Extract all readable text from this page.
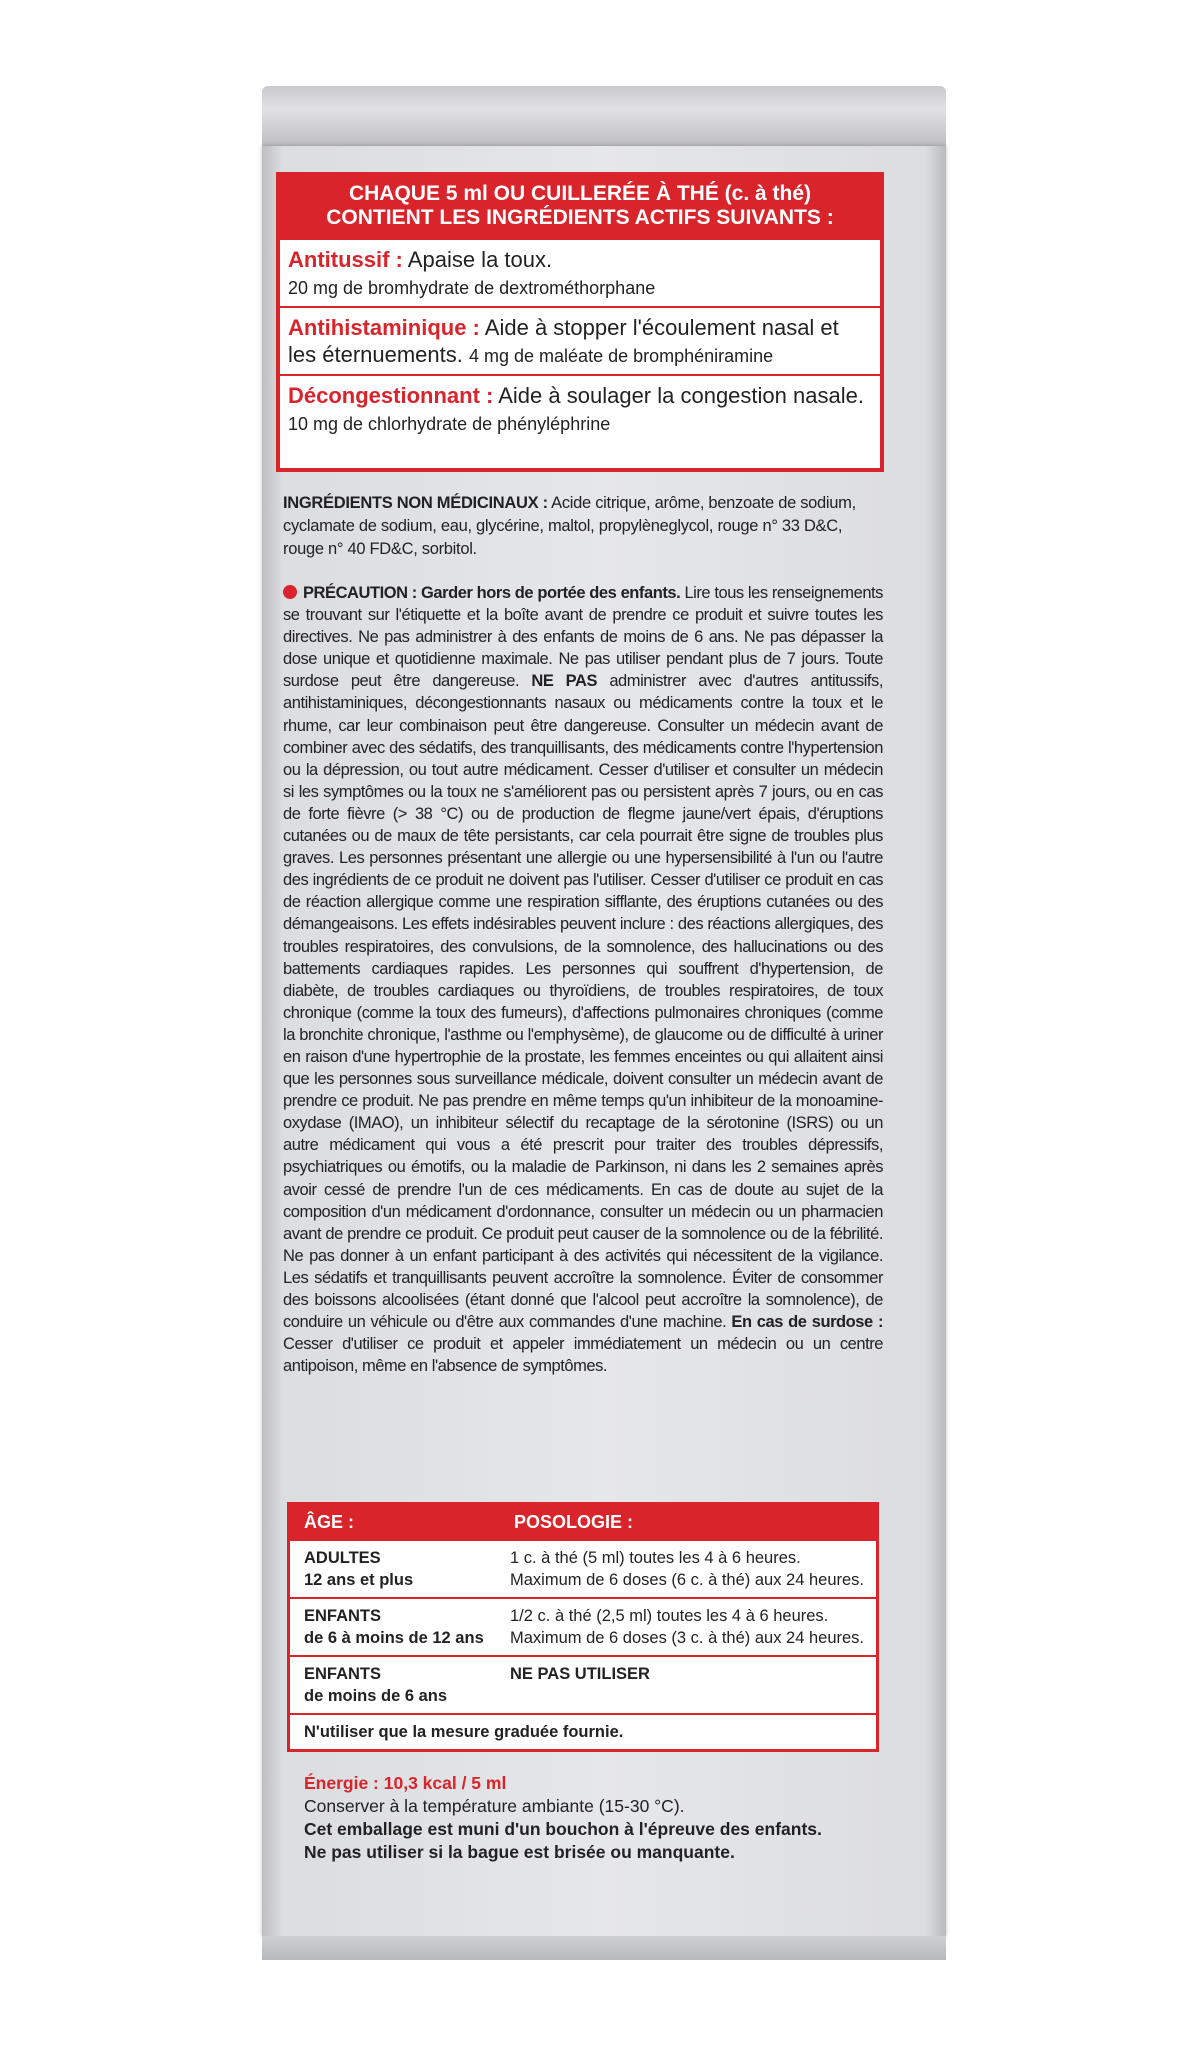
CHAQUE 5 ml OU CUILLERÉE À THÉ (c. à thé)
CONTIENT LES INGRÉDIENTS ACTIFS SUIVANTS :
Antitussif : Apaise la toux.
20 mg de bromhydrate de dextrométhorphane
Antihistaminique : Aide à stopper l'écoulement nasal et les éternuements. 4 mg de maléate de bromphéniramine
Décongestionnant : Aide à soulager la congestion nasale. 10 mg de chlorhydrate de phényléphrine
INGRÉDIENTS NON MÉDICINAUX : Acide citrique, arôme, benzoate de sodium, cyclamate de sodium, eau, glycérine, maltol, propylèneglycol, rouge n° 33 D&C, rouge n° 40 FD&C, sorbitol.
PRÉCAUTION : Garder hors de portée des enfants. Lire tous les renseignements se trouvant sur l'étiquette et la boîte avant de prendre ce produit et suivre toutes les directives. Ne pas administrer à des enfants de moins de 6 ans. Ne pas dépasser la dose unique et quotidienne maximale. Ne pas utiliser pendant plus de 7 jours. Toute surdose peut être dangereuse. NE PAS administrer avec d'autres antitussifs, antihistaminiques, décongestionnants nasaux ou médicaments contre la toux et le rhume, car leur combinaison peut être dangereuse. Consulter un médecin avant de combiner avec des sédatifs, des tranquillisants, des médicaments contre l'hypertension ou la dépression, ou tout autre médicament. Cesser d'utiliser et consulter un médecin si les symptômes ou la toux ne s'améliorent pas ou persistent après 7 jours, ou en cas de forte fièvre (> 38 °C) ou de production de flegme jaune/vert épais, d'éruptions cutanées ou de maux de tête persistants, car cela pourrait être signe de troubles plus graves. Les personnes présentant une allergie ou une hypersensibilité à l'un ou l'autre des ingrédients de ce produit ne doivent pas l'utiliser. Cesser d'utiliser ce produit en cas de réaction allergique comme une respiration sifflante, des éruptions cutanées ou des démangeaisons. Les effets indésirables peuvent inclure : des réactions allergiques, des troubles respiratoires, des convulsions, de la somnolence, des hallucinations ou des battements cardiaques rapides. Les personnes qui souffrent d'hypertension, de diabète, de troubles cardiaques ou thyroïdiens, de troubles respiratoires, de toux chronique (comme la toux des fumeurs), d'affections pulmonaires chroniques (comme la bronchite chronique, l'asthme ou l'emphysème), de glaucome ou de difficulté à uriner en raison d'une hypertrophie de la prostate, les femmes enceintes ou qui allaitent ainsi que les personnes sous surveillance médicale, doivent consulter un médecin avant de prendre ce produit. Ne pas prendre en même temps qu'un inhibiteur de la monoamine-oxydase (IMAO), un inhibiteur sélectif du recaptage de la sérotonine (ISRS) ou un autre médicament qui vous a été prescrit pour traiter des troubles dépressifs, psychiatriques ou émotifs, ou la maladie de Parkinson, ni dans les 2 semaines après avoir cessé de prendre l'un de ces médicaments. En cas de doute au sujet de la composition d'un médicament d'ordonnance, consulter un médecin ou un pharmacien avant de prendre ce produit. Ce produit peut causer de la somnolence ou de la fébrilité. Ne pas donner à un enfant participant à des activités qui nécessitent de la vigilance. Les sédatifs et tranquillisants peuvent accroître la somnolence. Éviter de consommer des boissons alcoolisées (étant donné que l'alcool peut accroître la somnolence), de conduire un véhicule ou d'être aux commandes d'une machine. En cas de surdose : Cesser d'utiliser ce produit et appeler immédiatement un médecin ou un centre antipoison, même en l'absence de symptômes.
ÂGE :	POSOLOGIE :
ADULTES
12 ans et plus
1 c. à thé (5 ml) toutes les 4 à 6 heures.
Maximum de 6 doses (6 c. à thé) aux 24 heures.
ENFANTS
de 6 à moins de 12 ans
1/2 c. à thé (2,5 ml) toutes les 4 à 6 heures.
Maximum de 6 doses (3 c. à thé) aux 24 heures.
ENFANTS
de moins de 6 ans
NE PAS UTILISER
N'utiliser que la mesure graduée fournie.
Énergie : 10,3 kcal / 5 ml
Conserver à la température ambiante (15-30 °C).
Cet emballage est muni d'un bouchon à l'épreuve des enfants.
Ne pas utiliser si la bague est brisée ou manquante.
